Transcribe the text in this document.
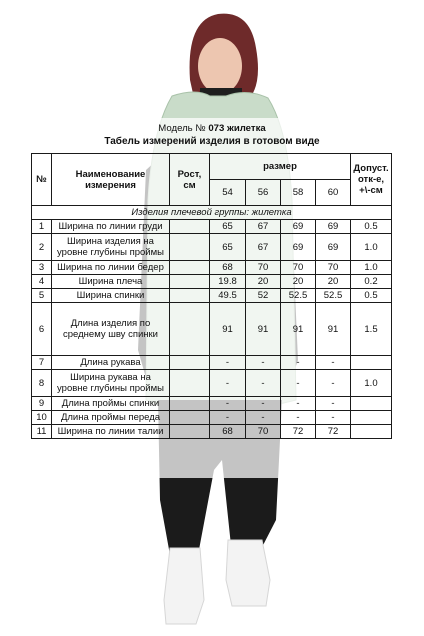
Модель № 073 жилетка
Табель измерений изделия в готовом виде
№	Наименование измерения	Рост, см	размер				Допуст. отк-е, +\-см
			54	56	58	60	
Изделия плечевой группы: жилетка							
1	Ширина по линии груди		65	67	69	69	0.5
2	Ширина изделия на уровне глубины проймы		65	67	69	69	1.0
3	Ширина по линии бедер		68	70	70	70	1.0
4	Ширина плеча		19.8	20	20	20	0.2
5	Ширина спинки		49.5	52	52.5	52.5	0.5
6	Длина изделия по среднему шву спинки		91	91	91	91	1.5
7	Длина рукава		-	-	-	-	
8	Ширина рукава на уровне глубины проймы		-	-	-	-	1.0
9	Длина проймы спинки		-	-	-	-	
10	Длина проймы переда		-	-	-	-	
11	Ширина по линии талии		68	70	72	72	
